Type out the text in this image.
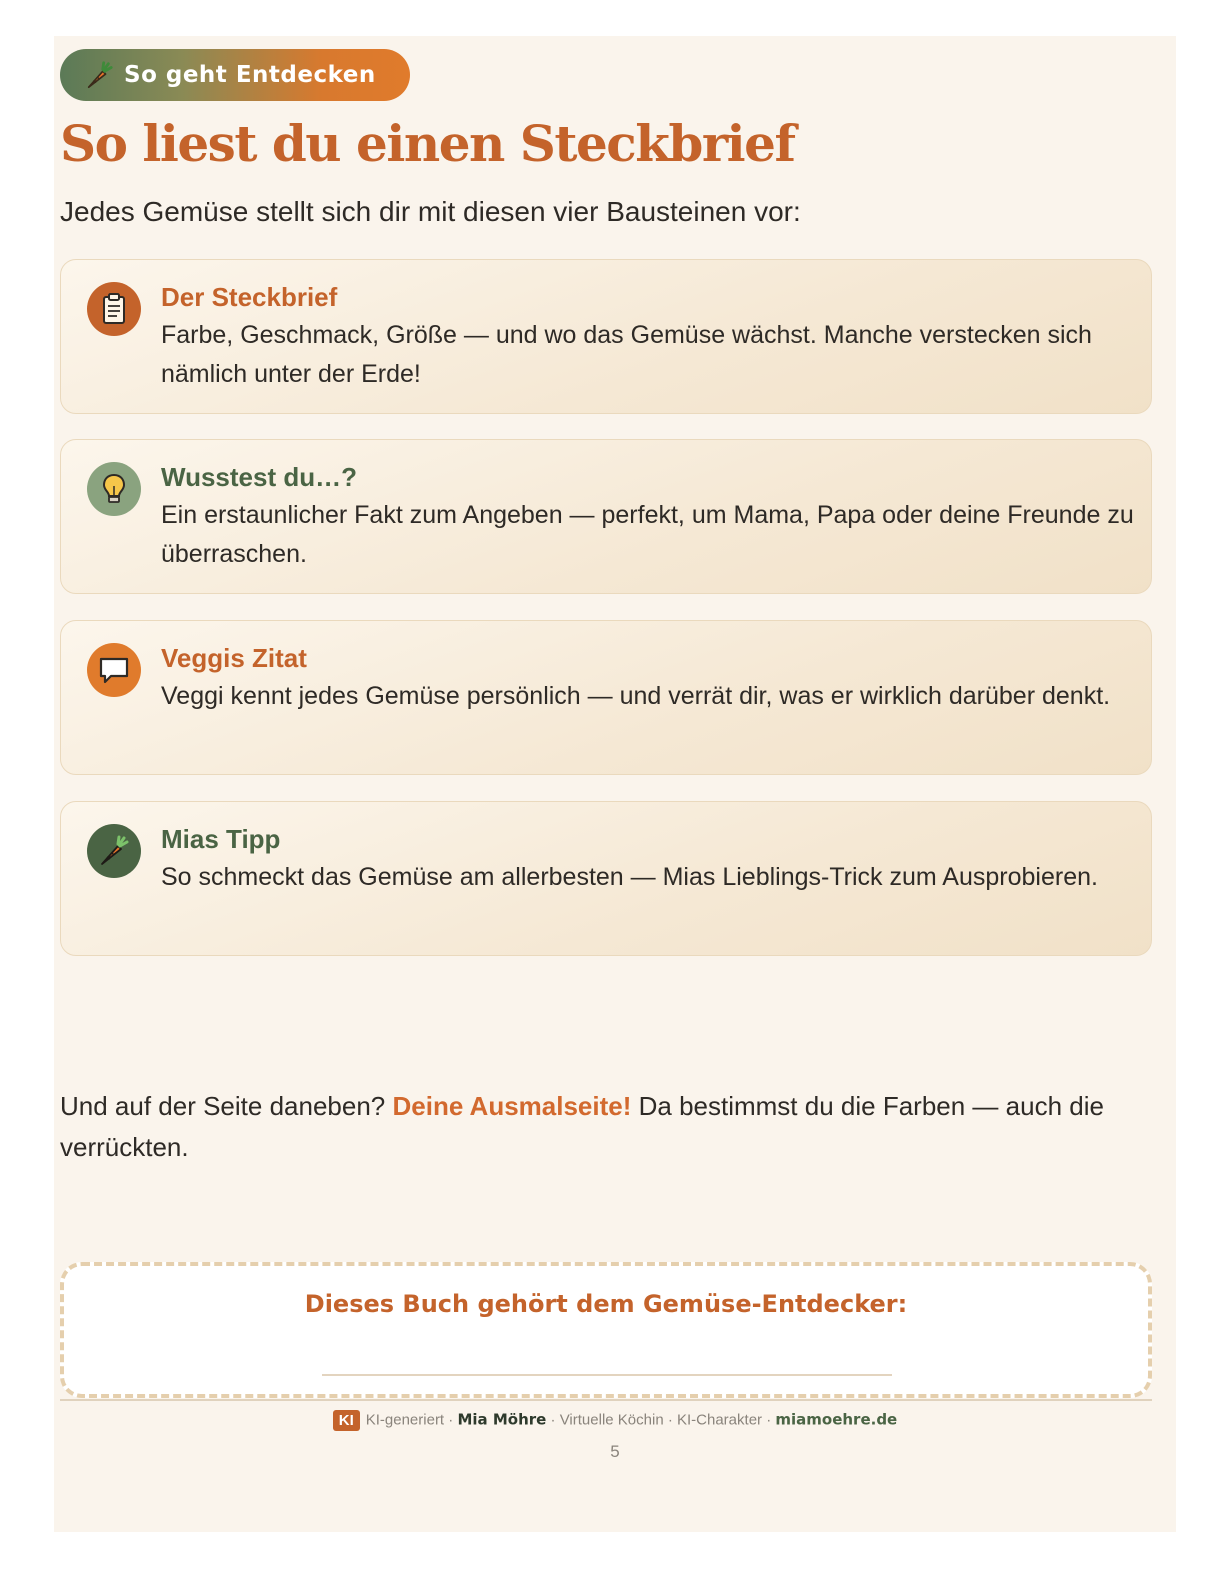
So geht Entdecken
So liest du einen Steckbrief
Jedes Gemüse stellt sich dir mit diesen vier Bausteinen vor:
Der Steckbrief
Farbe, Geschmack, Größe — und wo das Gemüse wächst. Manche verstecken sich nämlich unter der Erde!
Wusstest du…?
Ein erstaunlicher Fakt zum Angeben — perfekt, um Mama, Papa oder deine Freunde zu überraschen.
Veggis Zitat
Veggi kennt jedes Gemüse persönlich — und verrät dir, was er wirklich darüber denkt.
Mias Tipp
So schmeckt das Gemüse am allerbesten — Mias Lieblings-Trick zum Ausprobieren.
Und auf der Seite daneben? Deine Ausmalseite! Da bestimmst du die Farben — auch die verrückten.
Dieses Buch gehört dem Gemüse-Entdecker:
KI KI-generiert · Mia Möhre · Virtuelle Köchin · KI-Charakter · miamoehre.de
5
